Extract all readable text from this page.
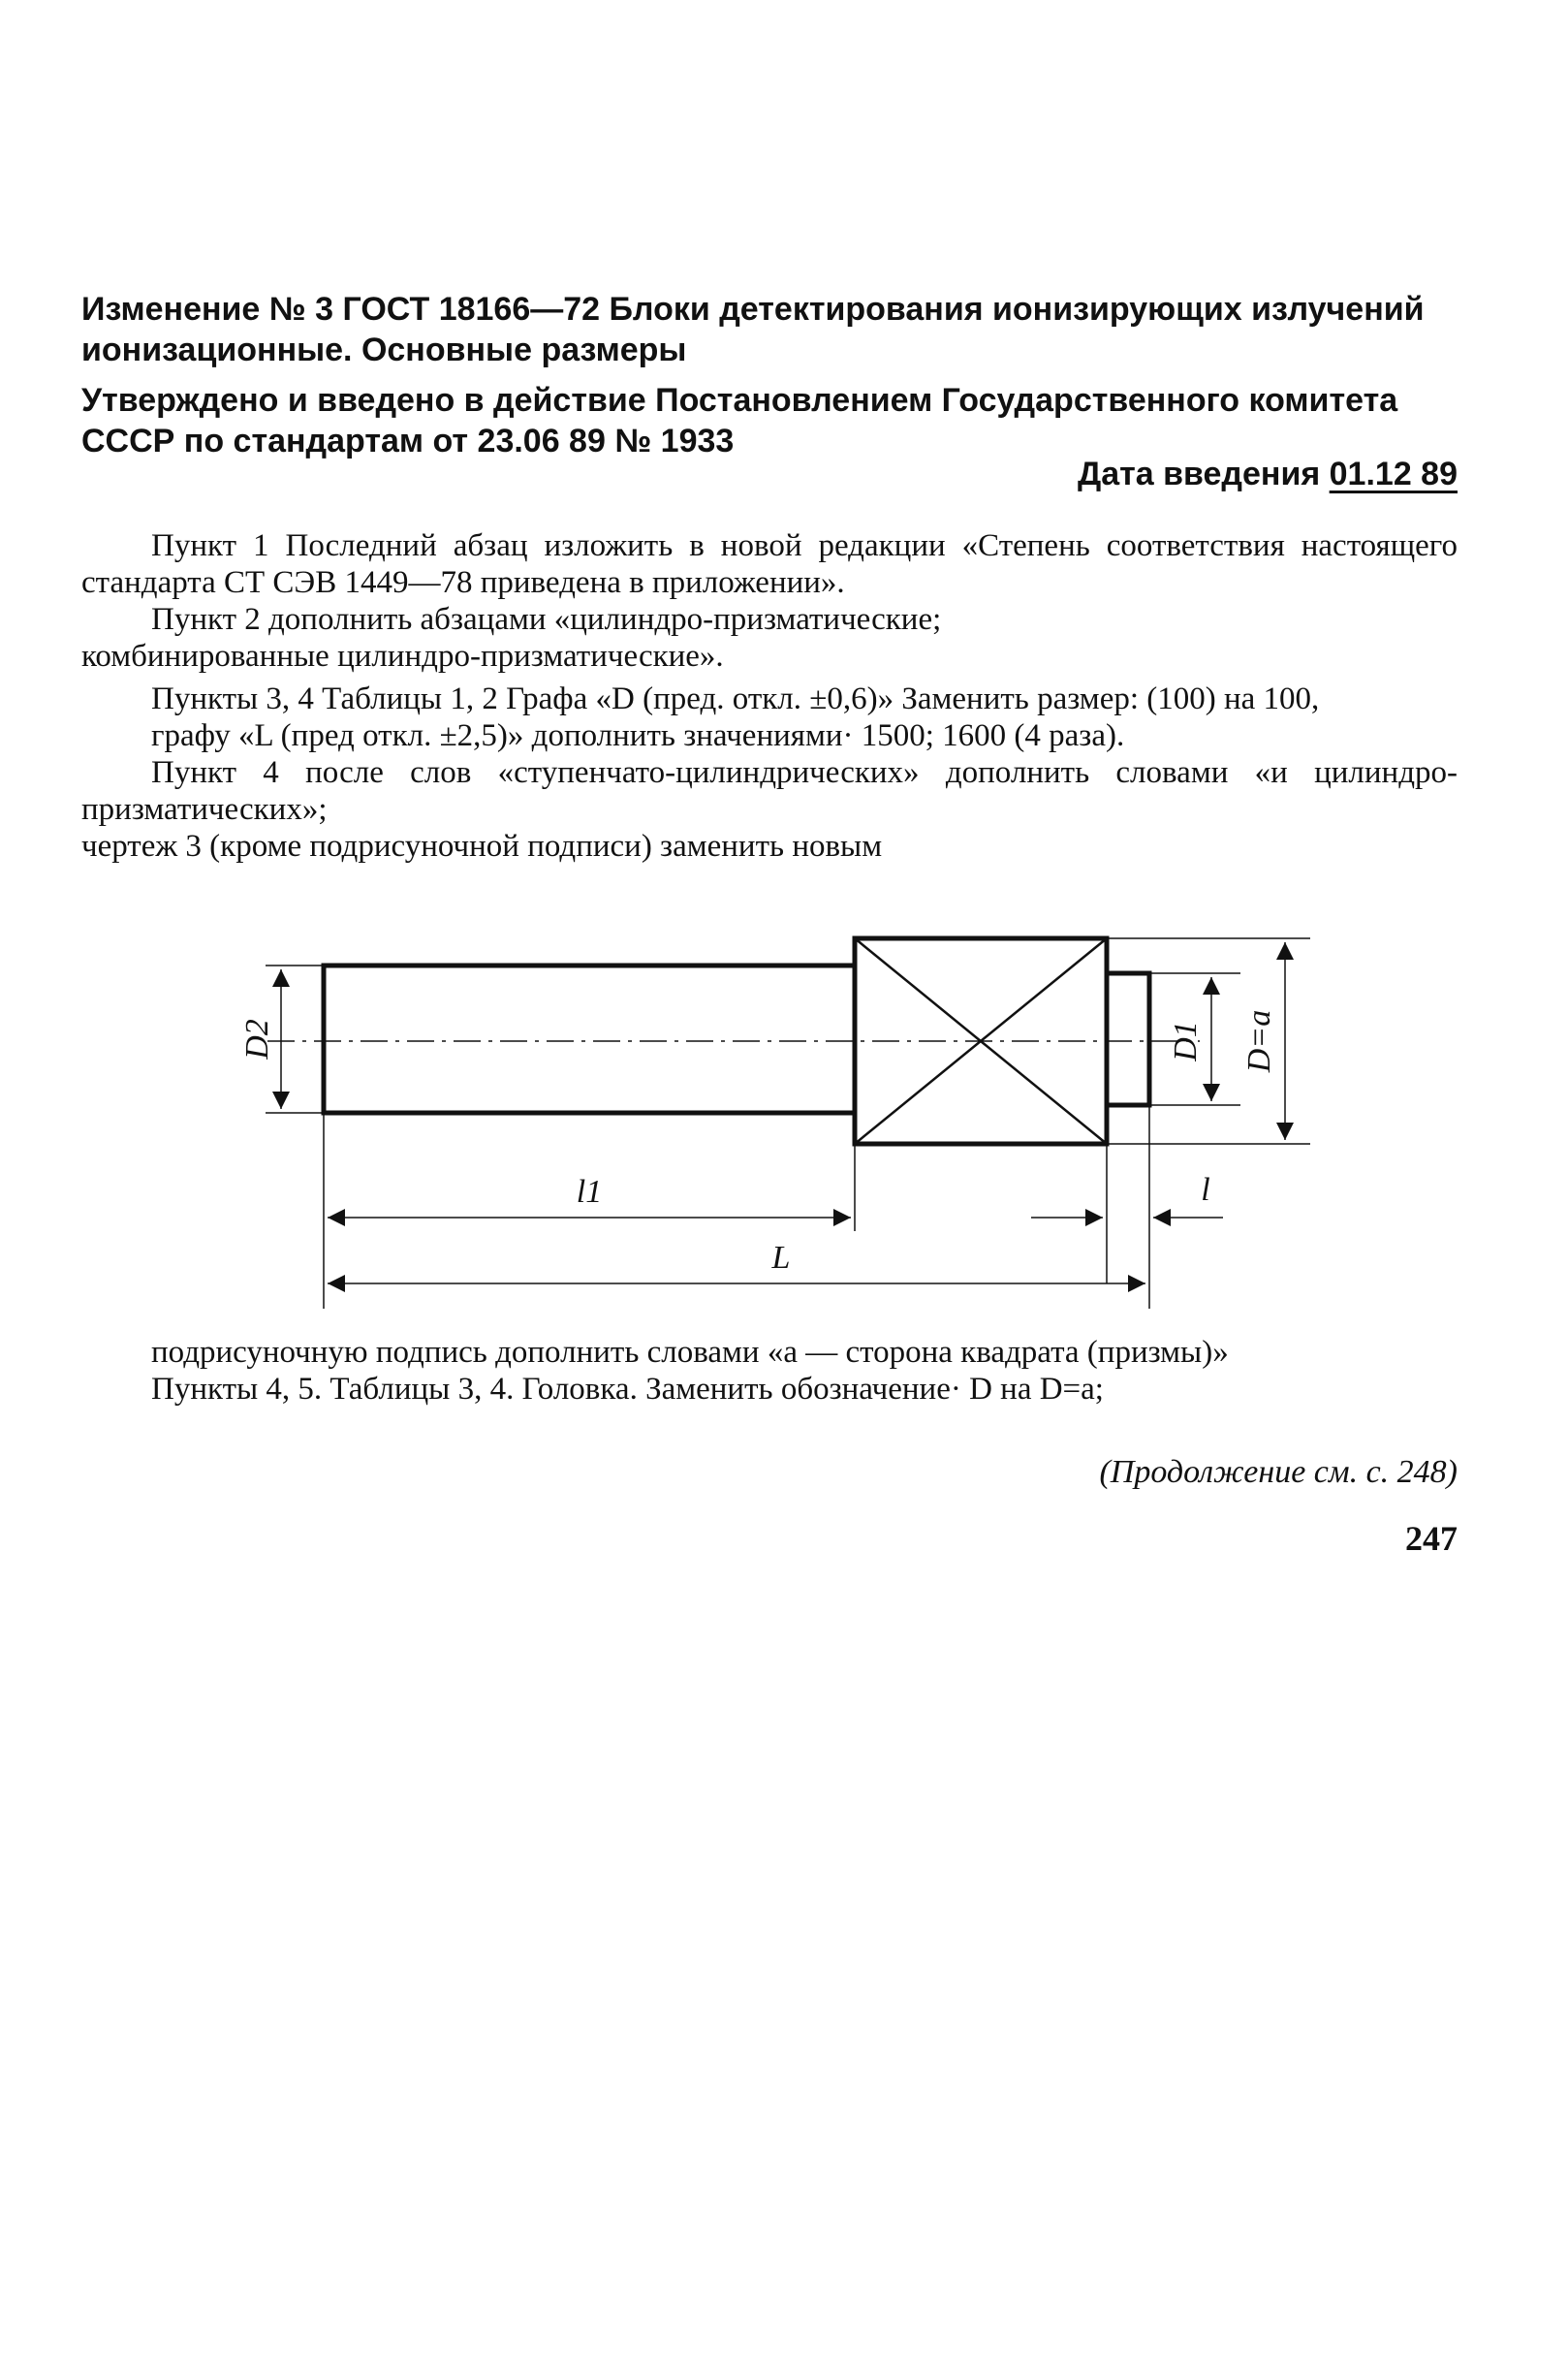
Изменение № 3 ГОСТ 18166—72 Блоки детектирования ионизирующих излучений
ионизационные. Основные размеры
Утверждено и введено в действие Постановлением Государственного комитета
СССР по стандартам от 23.06 89 № 1933
Дата введения 01.12 89

Пункт 1 Последний абзац изложить в новой редакции «Степень соответствия настоящего стандарта СТ СЭВ 1449—78 приведена в приложении».

Пункт 2 дополнить абзацами «цилиндро-призматические;

комбинированные цилиндро-призматические».

Пункты 3, 4 Таблицы 1, 2 Графа «D (пред. откл. ±0,6)» Заменить размер: (100) на 100,

графу «L (пред откл. ±2,5)» дополнить значениями· 1500; 1600 (4 раза).

Пункт 4 после слов «ступенчато-цилиндрических» дополнить словами «и цилиндро-призматических»;

чертеж 3 (кроме подрисуночной подписи) заменить новым

D2	D1 D=a
l1	l
L

подрисуночную подпись дополнить словами «a — сторона квадрата (призмы)»

Пункты 4, 5. Таблицы 3, 4. Головка. Заменить обозначение· D на D=a;

(Продолжение см. с. 248)
247
